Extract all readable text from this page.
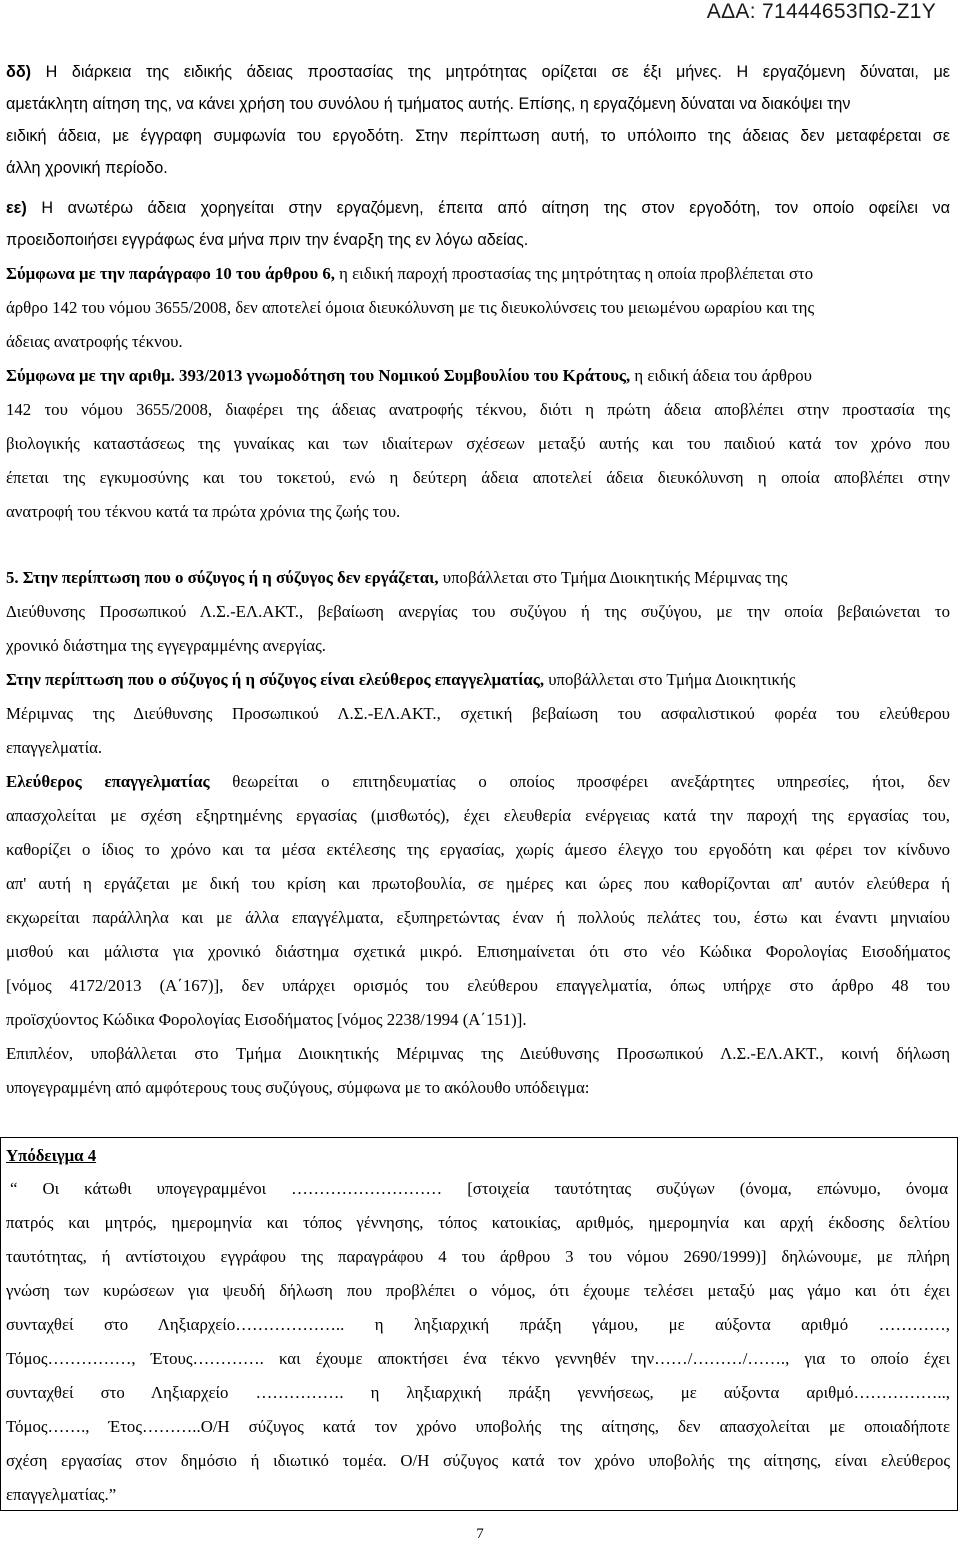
ΑΔΑ: 71444653ΠΩ-Ζ1Υ
δδ) Η διάρκεια της ειδικής άδειας προστασίας της μητρότητας ορίζεται σε έξι μήνες. Η εργαζόμενη δύναται, με
αμετάκλητη αίτηση της, να κάνει χρήση του συνόλου ή τμήματος αυτής. Επίσης, η εργαζόμενη δύναται να διακόψει την
ειδική άδεια, με έγγραφη συμφωνία του εργοδότη. Στην περίπτωση αυτή, το υπόλοιπο της άδειας δεν μεταφέρεται σε
άλλη χρονική περίοδο.
εε) Η ανωτέρω άδεια χορηγείται στην εργαζόμενη, έπειτα από αίτηση της στον εργοδότη, τον οποίο οφείλει να
προειδοποιήσει εγγράφως ένα μήνα πριν την έναρξη της εν λόγω αδείας.
Σύμφωνα με την παράγραφο 10 του άρθρου 6, η ειδική παροχή προστασίας της μητρότητας η οποία προβλέπεται στο
άρθρο 142 του νόμου 3655/2008, δεν αποτελεί όμοια διευκόλυνση με τις διευκολύνσεις του μειωμένου ωραρίου και της
άδειας ανατροφής τέκνου.
Σύμφωνα με την αριθμ. 393/2013 γνωμοδότηση του Νομικού Συμβουλίου του Κράτους, η ειδική άδεια του άρθρου
142 του νόμου 3655/2008, διαφέρει της άδειας ανατροφής τέκνου, διότι η πρώτη άδεια αποβλέπει στην προστασία της
βιολογικής καταστάσεως της γυναίκας και των ιδιαίτερων σχέσεων μεταξύ αυτής και του παιδιού κατά τον χρόνο που
έπεται της εγκυμοσύνης και του τοκετού, ενώ η δεύτερη άδεια αποτελεί άδεια διευκόλυνση η οποία αποβλέπει στην
ανατροφή του τέκνου κατά τα πρώτα χρόνια της ζωής του.
5. Στην περίπτωση που ο σύζυγος ή η σύζυγος δεν εργάζεται, υποβάλλεται στο Τμήμα Διοικητικής Μέριμνας της
Διεύθυνσης Προσωπικού Λ.Σ.-ΕΛ.ΑΚΤ., βεβαίωση ανεργίας του συζύγου ή της συζύγου, με την οποία βεβαιώνεται το
χρονικό διάστημα της εγγεγραμμένης ανεργίας.
Στην περίπτωση που ο σύζυγος ή η σύζυγος είναι ελεύθερος επαγγελματίας, υποβάλλεται στο Τμήμα Διοικητικής
Μέριμνας της Διεύθυνσης Προσωπικού Λ.Σ.-ΕΛ.ΑΚΤ., σχετική βεβαίωση του ασφαλιστικού φορέα του ελεύθερου
επαγγελματία.
Ελεύθερος επαγγελματίας θεωρείται ο επιτηδευματίας ο οποίος προσφέρει ανεξάρτητες υπηρεσίες, ήτοι, δεν
απασχολείται με σχέση εξηρτημένης εργασίας (μισθωτός), έχει ελευθερία ενέργειας κατά την παροχή της εργασίας του,
καθορίζει ο ίδιος το χρόνο και τα μέσα εκτέλεσης της εργασίας, χωρίς άμεσο έλεγχο του εργοδότη και φέρει τον κίνδυνο
απ' αυτή η εργάζεται με δική του κρίση και πρωτοβουλία, σε ημέρες και ώρες που καθορίζονται απ' αυτόν ελεύθερα ή
εκχωρείται παράλληλα και με άλλα επαγγέλματα, εξυπηρετώντας έναν ή πολλούς πελάτες του, έστω και έναντι μηνιαίου
μισθού και μάλιστα για χρονικό διάστημα σχετικά μικρό. Επισημαίνεται ότι στο νέο Κώδικα Φορολογίας Εισοδήματος
[νόμος 4172/2013 (Α΄167)], δεν υπάρχει ορισμός του ελεύθερου επαγγελματία, όπως υπήρχε στο άρθρο 48 του
προϊσχύοντος Κώδικα Φορολογίας Εισοδήματος [νόμος 2238/1994 (Α΄151)].
Επιπλέον, υποβάλλεται στο Τμήμα Διοικητικής Μέριμνας της Διεύθυνσης Προσωπικού Λ.Σ.-ΕΛ.ΑΚΤ., κοινή δήλωση
υπογεγραμμένη από αμφότερους τους συζύγους, σύμφωνα με το ακόλουθο υπόδειγμα:
Υπόδειγμα 4
“ Οι κάτωθι υπογεγραμμένοι ……………………… [στοιχεία ταυτότητας συζύγων (όνομα, επώνυμο, όνομα
πατρός και μητρός, ημερομηνία και τόπος γέννησης, τόπος κατοικίας, αριθμός, ημερομηνία και αρχή έκδοσης δελτίου
ταυτότητας, ή αντίστοιχου εγγράφου της παραγράφου 4 του άρθρου 3 του νόμου 2690/1999)] δηλώνουμε, με πλήρη
γνώση των κυρώσεων για ψευδή δήλωση που προβλέπει ο νόμος, ότι έχουμε τελέσει μεταξύ μας γάμο και ότι έχει
συνταχθεί στο Ληξιαρχείο……………….. η ληξιαρχική πράξη γάμου, με αύξοντα αριθμό …………,
Τόμος……………, Έτους…………. και έχουμε αποκτήσει ένα τέκνο γεννηθέν την……/………/……., για το οποίο έχει
συνταχθεί στο Ληξιαρχείο ……………. η ληξιαρχική πράξη γεννήσεως, με αύξοντα αριθμό……………..,
Τόμος……., Έτος………..Ο/Η σύζυγος κατά τον χρόνο υποβολής της αίτησης, δεν απασχολείται με οποιαδήποτε
σχέση εργασίας στον δημόσιο ή ιδιωτικό τομέα. Ο/Η σύζυγος κατά τον χρόνο υποβολής της αίτησης, είναι ελεύθερος
επαγγελματίας.”
7
